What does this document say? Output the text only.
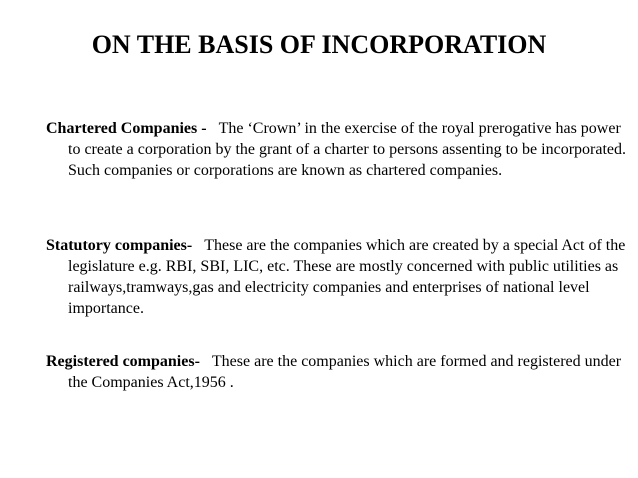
ON THE BASIS OF INCORPORATION

Chartered Companies - The ‘Crown’ in the exercise of the royal prerogative has power to create a corporation by the grant of a charter to persons assenting to be incorporated. Such companies or corporations are known as chartered companies.

Statutory companies- These are the companies which are created by a special Act of the legislature e.g. RBI, SBI, LIC, etc. These are mostly concerned with public utilities as railways,tramways,gas and electricity companies and enterprises of national level importance.

Registered companies- These are the companies which are formed and registered under the Companies Act,1956 .
